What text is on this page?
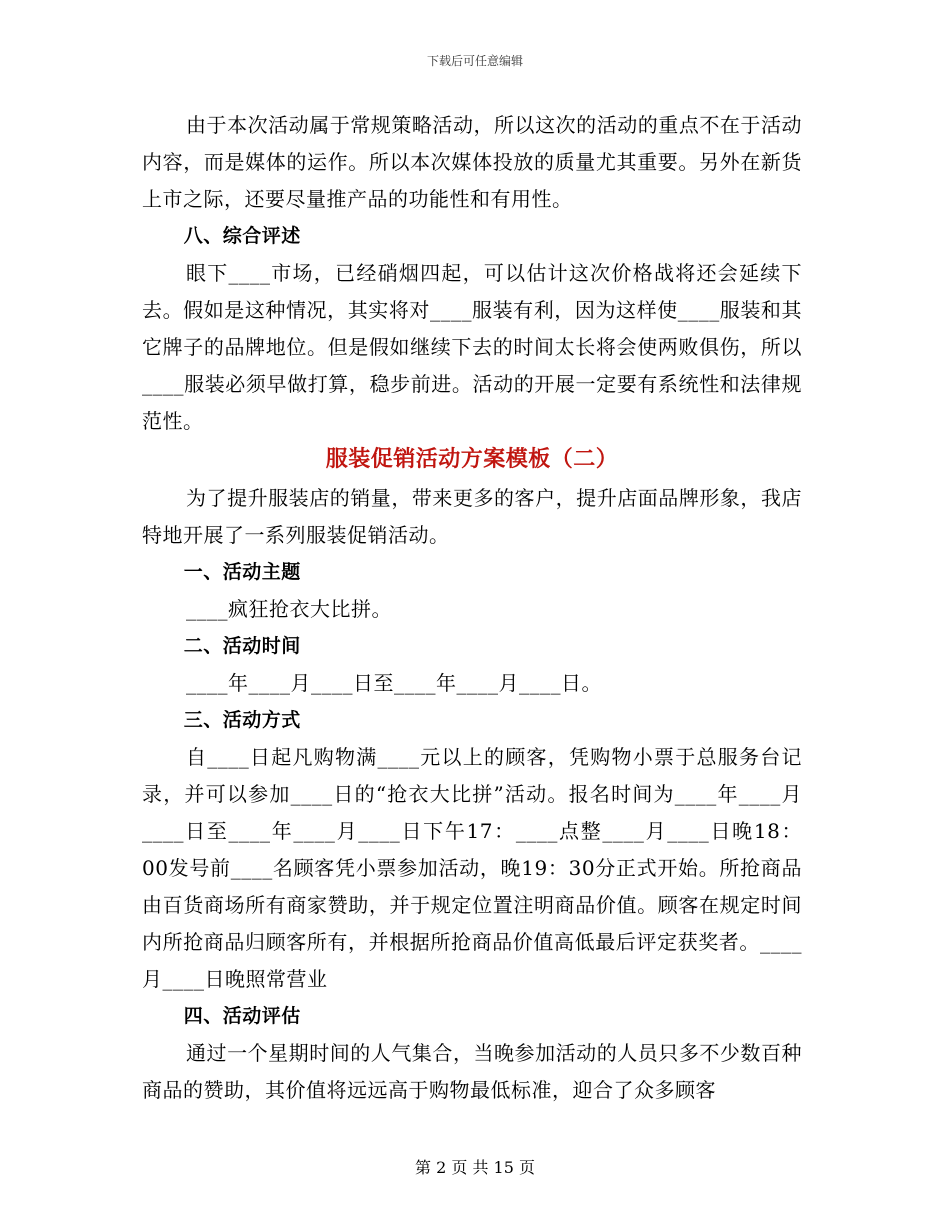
下载后可任意编辑

由于本次活动属于常规策略活动，所以这次的活动的重点不在于活动内容，而是媒体的运作。所以本次媒体投放的质量尤其重要。另外在新货上市之际，还要尽量推产品的功能性和有用性。

八、综合评述

眼下____市场，已经硝烟四起，可以估计这次价格战将还会延续下去。假如是这种情况，其实将对____服装有利，因为这样使____服装和其它牌子的品牌地位。但是假如继续下去的时间太长将会使两败俱伤，所以____服装必须早做打算，稳步前进。活动的开展一定要有系统性和法律规范性。

服装促销活动方案模板（二）

为了提升服装店的销量，带来更多的客户，提升店面品牌形象，我店特地开展了一系列服装促销活动。

一、活动主题

____疯狂抢衣大比拼。

二、活动时间

____年____月____日至____年____月____日。

三、活动方式

自____日起凡购物满____元以上的顾客，凭购物小票于总服务台记录，并可以参加____日的“抢衣大比拼”活动。报名时间为____年____月____日至____年____月____日下午17：____点整____月____日晚18：00发号前____名顾客凭小票参加活动，晚19：30分正式开始。所抢商品由百货商场所有商家赞助，并于规定位置注明商品价值。顾客在规定时间内所抢商品归顾客所有，并根据所抢商品价值高低最后评定获奖者。____月____日晚照常营业

四、活动评估

通过一个星期时间的人气集合，当晚参加活动的人员只多不少数百种商品的赞助，其价值将远远高于购物最低标准，迎合了众多顾客

第 2 页 共 15 页
